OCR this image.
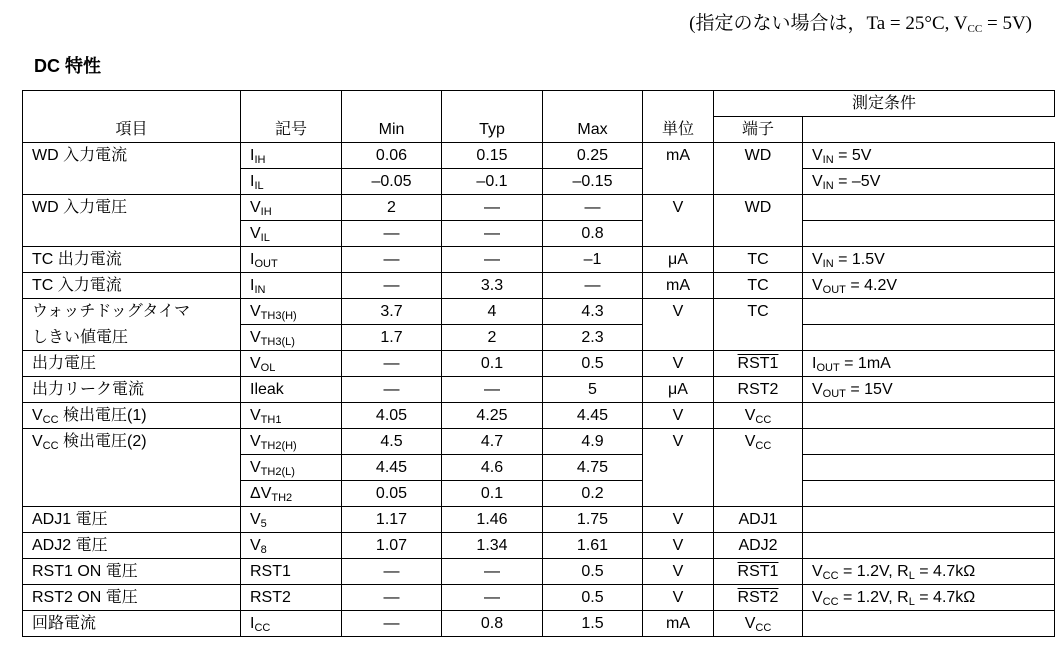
(指定のない場合は，Ta = 25°C, $V_{CC} = 5V$)
DC 特性
項目	記号	Min	Typ	Max	単位	測定条件	
						端子	
WD 入力電流	$I_{IH}$	0.06	0.15	0.25	mA	WD	$V_{IN} = 5V$
	$I_{IL}$	–0.05	–0.1	–0.15			$V_{IN} = -5V$
WD 入力電圧	$V_{IH}$	2	—	—	V	WD	
	$V_{IL}$	—	—	0.8			
TC 出力電流	$I_{OUT}$	—	—	–1	μA	TC	$V_{IN} = 1.5V$
TC 入力電流	$I_{IN}$	—	3.3	—	mA	TC	$V_{OUT} = 4.2V$
ウォッチドッグタイマ	$V_{TH3(H)}$	3.7	4	4.3	V	TC	
しきい値電圧	$V_{TH3(L)}$	1.7	2	2.3			
出力電圧	$V_{OL}$	—	0.1	0.5	V	RST1	$I_{OUT} = 1mA$
出力リーク電流	Ileak	—	—	5	μA	RST2	$V_{OUT} = 15V$
$V_{CC}$ 検出電圧(1)	$V_{TH1}$	4.05	4.25	4.45	V	$V_{CC}$	
$V_{CC}$ 検出電圧(2)	$V_{TH2(H)}$	4.5	4.7	4.9	V	$V_{CC}$	
	$V_{TH2(L)}$	4.45	4.6	4.75			
	$\Delta V_{TH2}$	0.05	0.1	0.2			
ADJ1 電圧	$V_5$	1.17	1.46	1.75	V	ADJ1	
ADJ2 電圧	$V_8$	1.07	1.34	1.61	V	ADJ2	
RST1 ON 電圧	RST1	—	—	0.5	V	RST1	$V_{CC} = 1.2V$, $R_L = 4.7k\Omega$
RST2 ON 電圧	RST2	—	—	0.5	V	RST2	$V_{CC} = 1.2V$, $R_L = 4.7k\Omega$
回路電流	$I_{CC}$	—	0.8	1.5	mA	$V_{CC}$	
